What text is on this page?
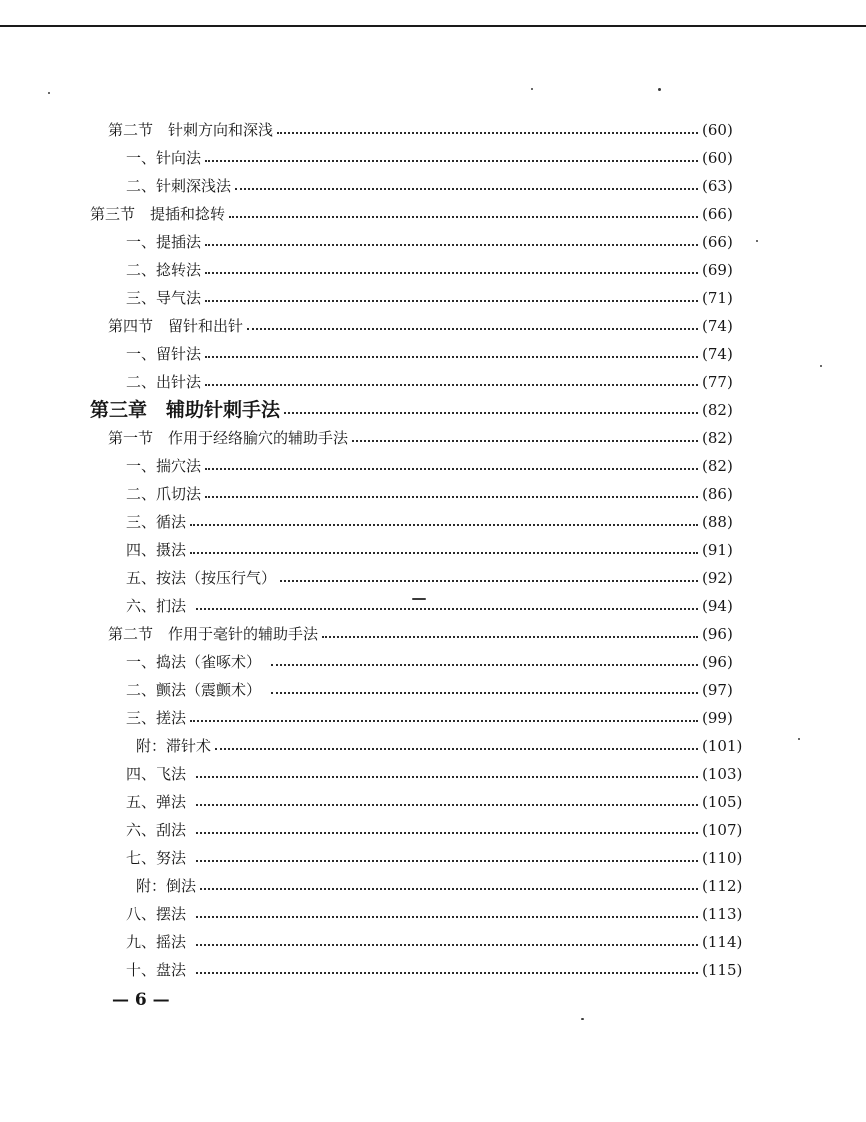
第二节　针刺方向和深浅	(60)
一、针向法	(60)
二、针刺深浅法	(63)
第三节　提插和捻转	(66)
一、提插法	(66)
二、捻转法	(69)
三、导气法	(71)
第四节　留针和出针	(74)
一、留针法	(74)
二、出针法	(77)
第三章　辅助针刺手法	(82)
第一节　作用于经络腧穴的辅助手法	(82)
一、揣穴法	(82)
二、爪切法	(86)
三、循法	(88)
四、摄法	(91)
五、按法（按压行气）	(92)
六、扪法	(94)
第二节　作用于毫针的辅助手法	(96)
一、捣法（雀啄术）	(96)
二、颤法（震颤术）	(97)
三、搓法	(99)
附：滞针术	(101)
四、飞法	(103)
五、弹法	(105)
六、刮法	(107)
七、努法	(110)
附：倒法	(112)
八、摆法	(113)
九、摇法	(114)
十、盘法	(115)
— 6 —
